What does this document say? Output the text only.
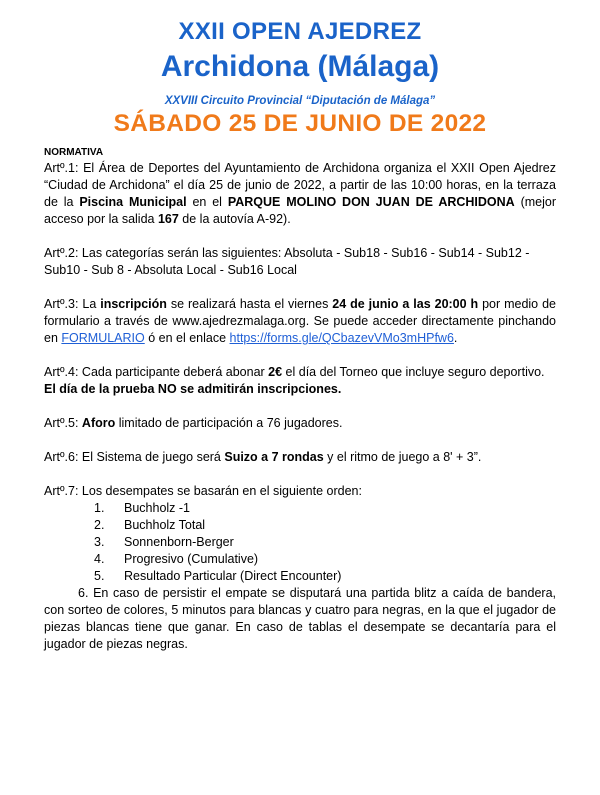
XXII OPEN AJEDREZ
Archidona (Málaga)
XXVIII Circuito Provincial “Diputación de Málaga”
SÁBADO 25 DE JUNIO DE 2022
NORMATIVA

Artº.1: El Área de Deportes del Ayuntamiento de Archidona organiza el XXII Open Ajedrez “Ciudad de Archidona” el día 25 de junio de 2022, a partir de las 10:00 horas, en la terraza de la Piscina Municipal en el PARQUE MOLINO DON JUAN DE ARCHIDONA (mejor acceso por la salida 167 de la autovía A-92).

Artº.2: Las categorías serán las siguientes: Absoluta - Sub18 - Sub16 - Sub14 - Sub12 - Sub10 - Sub 8 - Absoluta Local - Sub16 Local

Artº.3: La inscripción se realizará hasta el viernes 24 de junio a las 20:00 h por medio de formulario a través de www.ajedrezmalaga.org. Se puede acceder directamente pinchando en FORMULARIO ó en el enlace https://forms.gle/QCbazevVMo3mHPfw6.

Artº.4: Cada participante deberá abonar 2€ el día del Torneo que incluye seguro deportivo.

El día de la prueba NO se admitirán inscripciones.

Artº.5: Aforo limitado de participación a 76 jugadores.

Artº.6: El Sistema de juego será Suizo a 7 rondas y el ritmo de juego a 8' + 3”.

Artº.7: Los desempates se basarán en el siguiente orden:

1. Buchholz -1
2. Buchholz Total
3. Sonnenborn-Berger
4. Progresivo (Cumulative)
5. Resultado Particular (Direct Encounter)

6. En caso de persistir el empate se disputará una partida blitz a caída de bandera, con sorteo de colores, 5 minutos para blancas y cuatro para negras, en la que el jugador de piezas blancas tiene que ganar. En caso de tablas el desempate se decantaría para el jugador de piezas negras.
